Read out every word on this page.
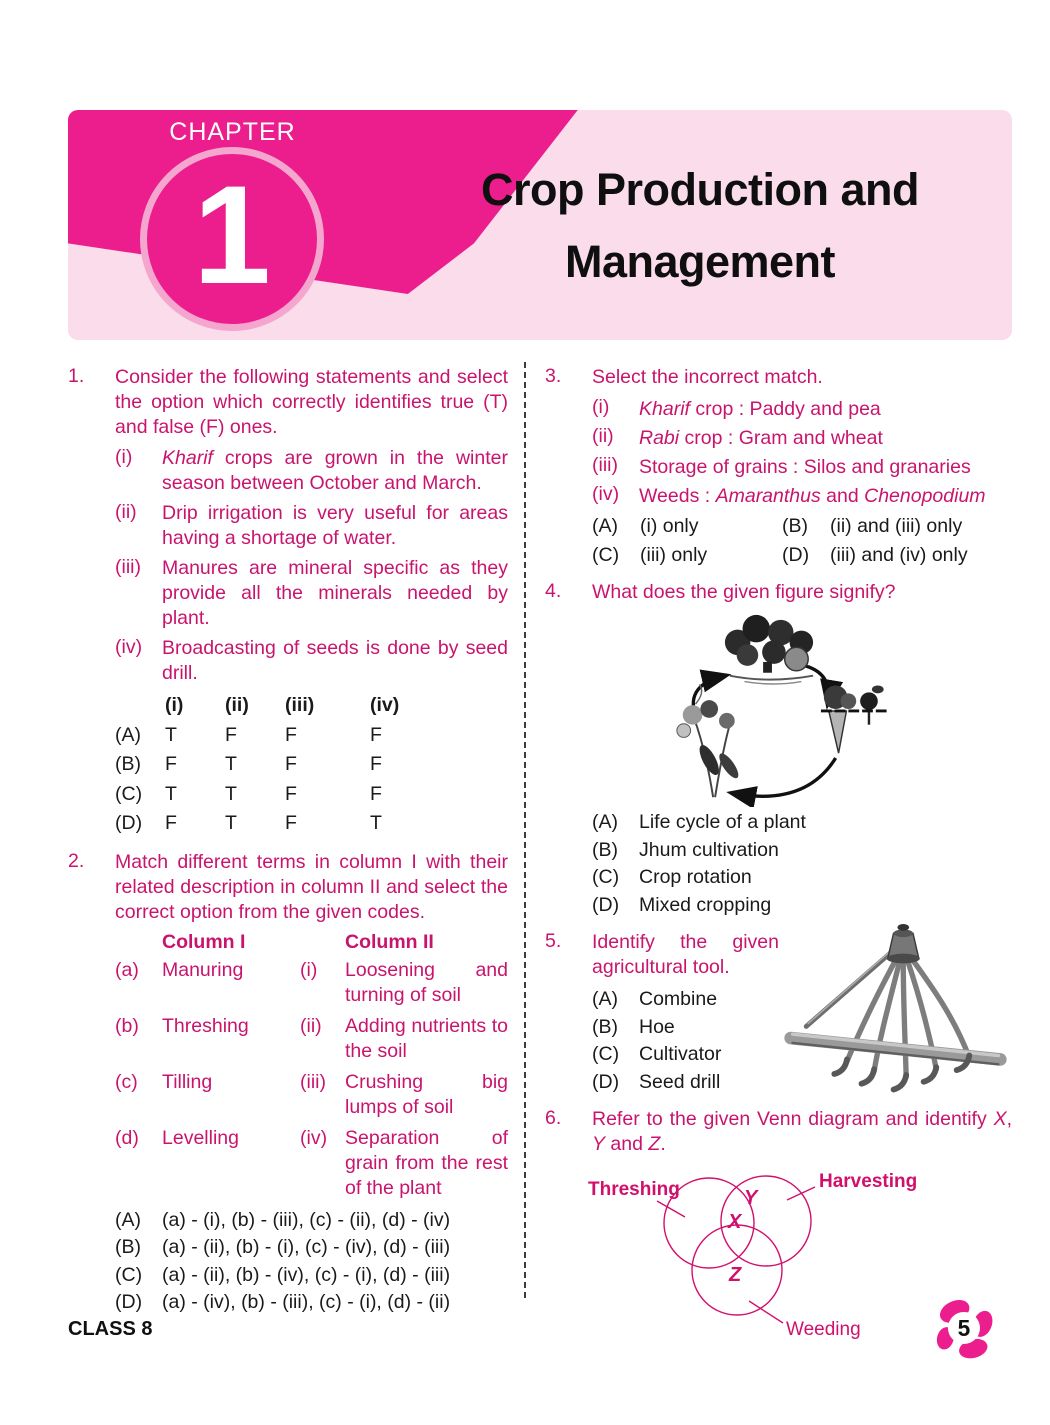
CHAPTER
1	Crop Production and
Management
1.	Consider the following statements and select the option which correctly identifies true (T) and false (F) ones.

(i)	Kharif crops are grown in the winter season between October and March.
(ii)	Drip irrigation is very useful for areas having a shortage of water.
(iii)	Manures are mineral specific as they provide all the minerals needed by plant.
(iv)	Broadcasting of seeds is done by seed drill.
(i)	(ii)	(iii)	(iv)
(A)	T	F	F	F
(B)	F	T	F	F
(C)	T	T	F	F
(D)	F	T	F	T
2.	Match different terms in column I with their related description in column II and select the correct option from the given codes.

Column I	Column II
(a)	Manuring	(i)	Loosening and turning of soil
(b)	Threshing	(ii)	Adding nutrients to the soil
(c)	Tilling	(iii) Crushing big lumps of soil
(d)	Levelling	(iv) Separation of grain from the rest of the plant
(A)	(a) - (i), (b) - (iii), (c) - (ii), (d) - (iv)
(B)	(a) - (ii), (b) - (i), (c) - (iv), (d) - (iii)
(C)	(a) - (ii), (b) - (iv), (c) - (i), (d) - (iii)
(D)	(a) - (iv), (b) - (iii), (c) - (i), (d) - (ii)
3.	Select the incorrect match.

(i)	Kharif crop : Paddy and pea
(ii)	Rabi crop : Gram and wheat
(iii)	Storage of grains : Silos and granaries
(iv)	Weeds : Amaranthus and Chenopodium
(A)	(i) only	(B)	(ii) and (iii) only
(C)	(iii) only	(D)	(iii) and (iv) only
4.	What does the given figure signify?

(A)	Life cycle of a plant
(B)	Jhum cultivation
(C)	Crop rotation
(D)	Mixed cropping
5.	Identify the given agricultural tool.

(A)	Combine
(B)	Hoe
(C)	Cultivator
(D)	Seed drill
6.	Refer to the given Venn diagram and identify X, Y and Z.

Threshing	Harvesting
Weeding
Y
X
Z
CLASS 8	5
